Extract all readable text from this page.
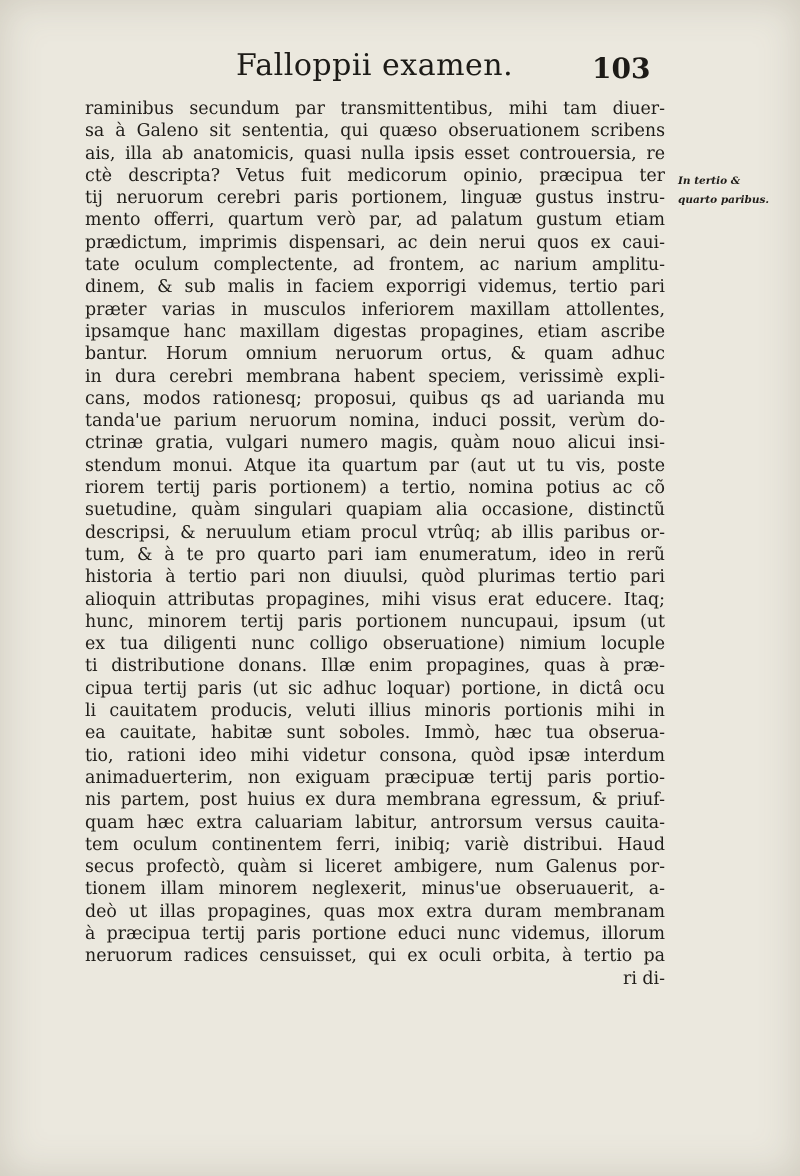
Falloppii examen.	103
raminibus secundum par transmittentibus, mihi tam diuer-
sa à Galeno sit sententia, qui quæso obseruationem scribens
ais, illa ab anatomicis, quasi nulla ipsis esset controuersia, re
ctè descripta? Vetus fuit medicorum opinio, præcipua ter
tij neruorum cerebri paris portionem, linguæ gustus instru-
mento offerri, quartum verò par, ad palatum gustum etiam
prædictum, imprimis dispensari, ac dein nerui quos ex caui-
tate oculum complectente, ad frontem, ac narium amplitu-
dinem, & sub malis in faciem exporrigi videmus, tertio pari
præter varias in musculos inferiorem maxillam attollentes,
ipsamque hanc maxillam digestas propagines, etiam ascribe
bantur. Horum omnium neruorum ortus, & quam adhuc
in dura cerebri membrana habent speciem, verissimè expli-
cans, modos rationesq; proposui, quibus qs ad uarianda mu
tanda'ue parium neruorum nomina, induci possit, verùm do-
ctrinæ gratia, vulgari numero magis, quàm nouo alicui insi-
stendum monui. Atque ita quartum par (aut ut tu vis, poste
riorem tertij paris portionem) a tertio, nomina potius ac cõ
suetudine, quàm singulari quapiam alia occasione, distinctũ
descripsi, & neruulum etiam procul vtrûq; ab illis paribus or-
tum, & à te pro quarto pari iam enumeratum, ideo in rerũ
historia à tertio pari non diuulsi, quòd plurimas tertio pari
alioquin attributas propagines, mihi visus erat educere. Itaq;
hunc, minorem tertij paris portionem nuncupaui, ipsum (ut
ex tua diligenti nunc colligo obseruatione) nimium locuple
ti distributione donans. Illæ enim propagines, quas à præ-
cipua tertij paris (ut sic adhuc loquar) portione, in dictâ ocu
li cauitatem producis, veluti illius minoris portionis mihi in
ea cauitate, habitæ sunt soboles. Immò, hæc tua obserua-
tio, rationi ideo mihi videtur consona, quòd ipsæ interdum
animaduerterim, non exiguam præcipuæ tertij paris portio-
nis partem, post huius ex dura membrana egressum, & priuf-
quam hæc extra caluariam labitur, antrorsum versus cauita-
tem oculum continentem ferri, inibiq; variè distribui. Haud
secus profectò, quàm si liceret ambigere, num Galenus por-
tionem illam minorem neglexerit, minus'ue obseruauerit, a-
deò ut illas propagines, quas mox extra duram membranam
à præcipua tertij paris portione educi nunc videmus, illorum
neruorum radices censuisset, qui ex oculi orbita, à tertio pa
ri di-
In tertio &
quarto paribus.
